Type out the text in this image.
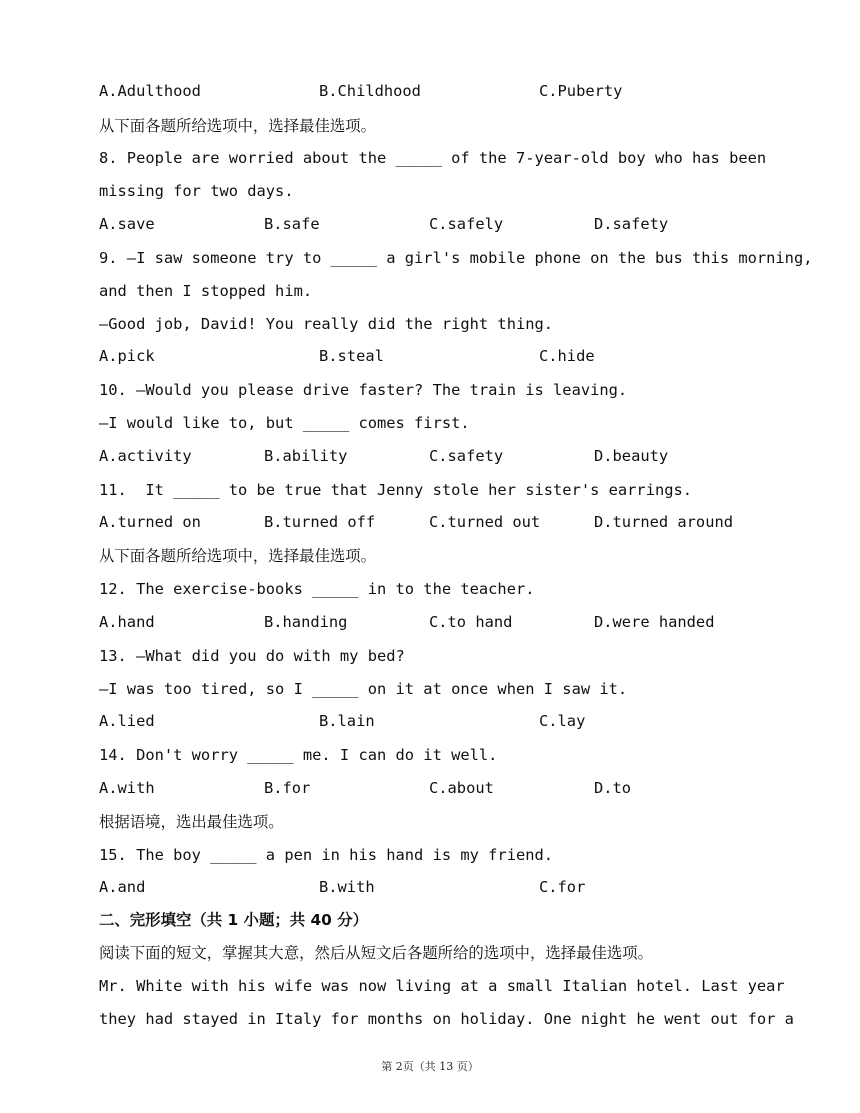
A.Adulthood	B.Childhood	C.Puberty
从下面各题所给选项中，选择最佳选项。
8. People are worried about the _____ of the 7-year-old boy who has been
missing for two days.
A.save	B.safe	C.safely	D.safety
9. —I saw someone try to _____ a girl's mobile phone on the bus this morning,
and then I stopped him.
—Good job, David! You really did the right thing.
A.pick	B.steal	C.hide
10. —Would you please drive faster? The train is leaving.
—I would like to, but _____ comes first.
A.activity	B.ability	C.safety	D.beauty
11.  It _____ to be true that Jenny stole her sister's earrings.
A.turned on	B.turned off	C.turned out	D.turned around
从下面各题所给选项中，选择最佳选项。
12. The exercise-books _____ in to the teacher.
A.hand	B.handing	C.to hand	D.were handed
13. —What did you do with my bed?
—I was too tired, so I _____ on it at once when I saw it.
A.lied	B.lain	C.lay
14. Don't worry _____ me. I can do it well.
A.with	B.for	C.about	D.to
根据语境，选出最佳选项。
15. The boy _____ a pen in his hand is my friend.
A.and	B.with	C.for
二、完形填空（共 1 小题；共 40 分）
阅读下面的短文，掌握其大意，然后从短文后各题所给的选项中，选择最佳选项。
Mr. White with his wife was now living at a small Italian hotel. Last year
they had stayed in Italy for months on holiday. One night he went out for a
第 2页（共 13 页）
